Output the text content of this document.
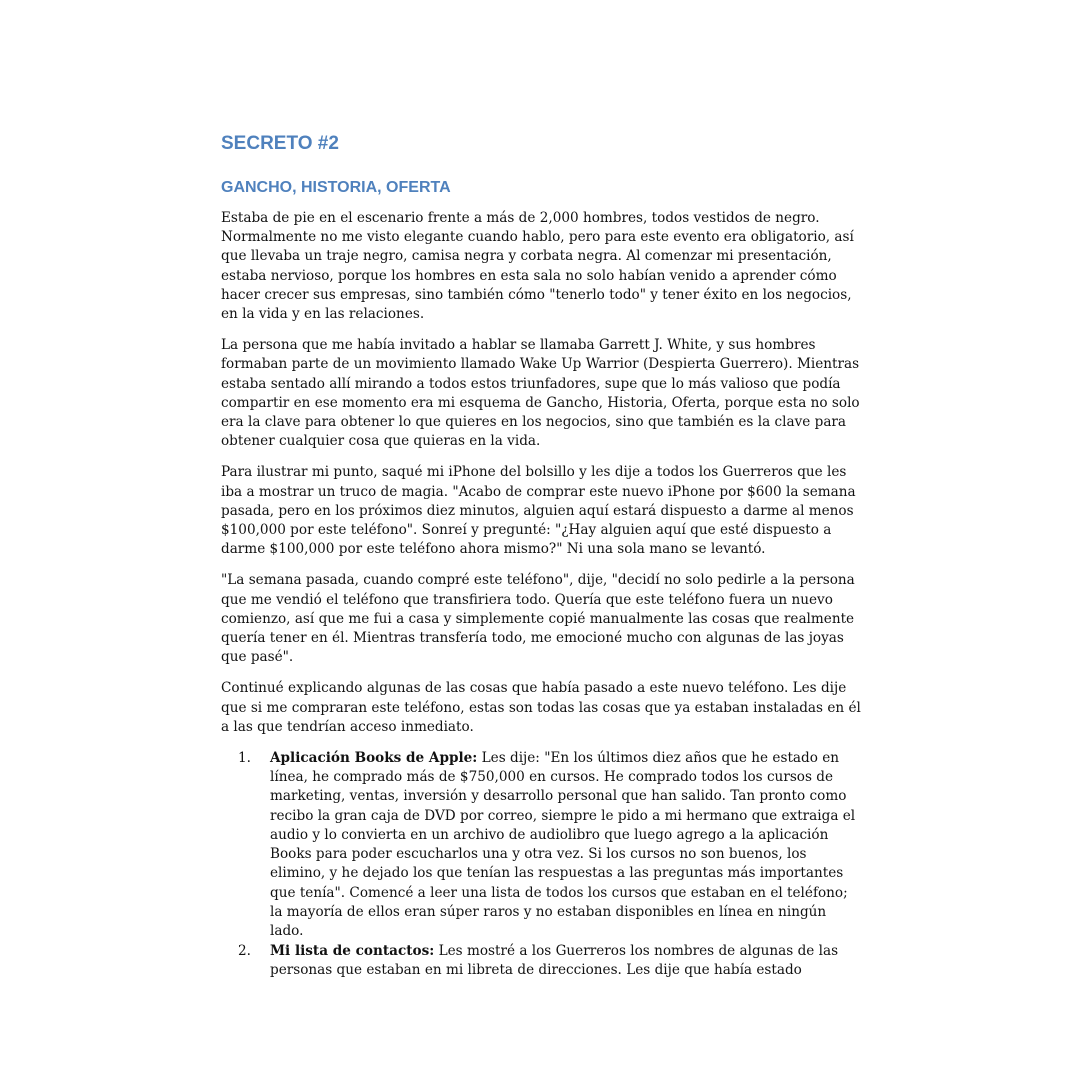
SECRETO #2
GANCHO, HISTORIA, OFERTA

Estaba de pie en el escenario frente a más de 2,000 hombres, todos vestidos de negro. Normalmente no me visto elegante cuando hablo, pero para este evento era obligatorio, así que llevaba un traje negro, camisa negra y corbata negra. Al comenzar mi presentación, estaba nervioso, porque los hombres en esta sala no solo habían venido a aprender cómo hacer crecer sus empresas, sino también cómo "tenerlo todo" y tener éxito en los negocios, en la vida y en las relaciones.

La persona que me había invitado a hablar se llamaba Garrett J. White, y sus hombres formaban parte de un movimiento llamado Wake Up Warrior (Despierta Guerrero). Mientras estaba sentado allí mirando a todos estos triunfadores, supe que lo más valioso que podía compartir en ese momento era mi esquema de Gancho, Historia, Oferta, porque esta no solo era la clave para obtener lo que quieres en los negocios, sino que también es la clave para obtener cualquier cosa que quieras en la vida.

Para ilustrar mi punto, saqué mi iPhone del bolsillo y les dije a todos los Guerreros que les iba a mostrar un truco de magia. "Acabo de comprar este nuevo iPhone por $600 la semana pasada, pero en los próximos diez minutos, alguien aquí estará dispuesto a darme al menos $100,000 por este teléfono". Sonreí y pregunté: "¿Hay alguien aquí que esté dispuesto a darme $100,000 por este teléfono ahora mismo?" Ni una sola mano se levantó.

"La semana pasada, cuando compré este teléfono", dije, "decidí no solo pedirle a la persona que me vendió el teléfono que transfiriera todo. Quería que este teléfono fuera un nuevo comienzo, así que me fui a casa y simplemente copié manualmente las cosas que realmente quería tener en él. Mientras transfería todo, me emocioné mucho con algunas de las joyas que pasé".

Continué explicando algunas de las cosas que había pasado a este nuevo teléfono. Les dije que si me compraran este teléfono, estas son todas las cosas que ya estaban instaladas en él a las que tendrían acceso inmediato.

1. Aplicación Books de Apple: Les dije: "En los últimos diez años que he estado en línea, he comprado más de $750,000 en cursos. He comprado todos los cursos de marketing, ventas, inversión y desarrollo personal que han salido. Tan pronto como recibo la gran caja de DVD por correo, siempre le pido a mi hermano que extraiga el audio y lo convierta en un archivo de audiolibro que luego agrego a la aplicación Books para poder escucharlos una y otra vez. Si los cursos no son buenos, los elimino, y he dejado los que tenían las respuestas a las preguntas más importantes que tenía". Comencé a leer una lista de todos los cursos que estaban en el teléfono; la mayoría de ellos eran súper raros y no estaban disponibles en línea en ningún lado.
2. Mi lista de contactos: Les mostré a los Guerreros los nombres de algunas de las personas que estaban en mi libreta de direcciones. Les dije que había estado
